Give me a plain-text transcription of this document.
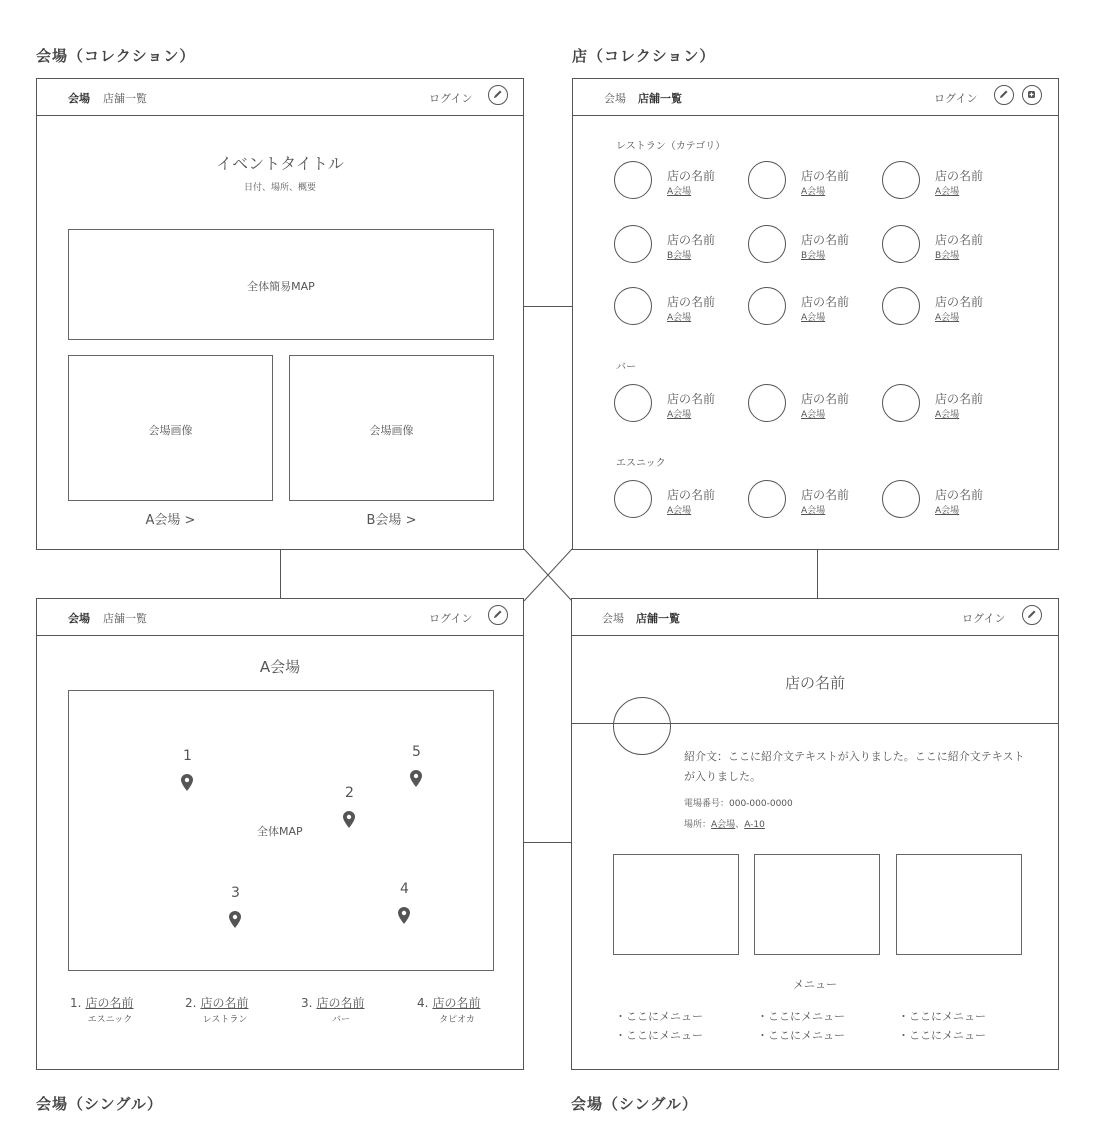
会場（コレクション）	店（コレクション）
会場（シングル）	会場（シングル）
会場 店舗一覧	ログイン
イベントタイトル
日付、場所、概要
全体簡易MAP
会場画像	会場画像
A会場 >	B会場 >
会場 店舗一覧	ログイン
レストラン（カテゴリ）
バー
エスニック
店の名前
A会場
店の名前
A会場
店の名前
A会場
店の名前
B会場
店の名前
B会場
店の名前
B会場
店の名前
A会場
店の名前
A会場
店の名前
A会場
店の名前
A会場
店の名前
A会場
店の名前
A会場
店の名前
A会場
店の名前
A会場
店の名前
A会場
会場 店舗一覧	ログイン
A会場
全体MAP
1
2
3	4
5
1. 店の名前
エスニック
2. 店の名前
レストラン
3. 店の名前
バー
4. 店の名前
タピオカ
会場 店舗一覧	ログイン
店の名前
紹介文：ここに紹介文テキストが入りました。ここに紹介文テキスト
が入りました。
電場番号：000-000-0000
場所：A会場、A-10
メニュー
・ここにメニュー	・ここにメニュー	・ここにメニュー
・ここにメニュー	・ここにメニュー	・ここにメニュー
